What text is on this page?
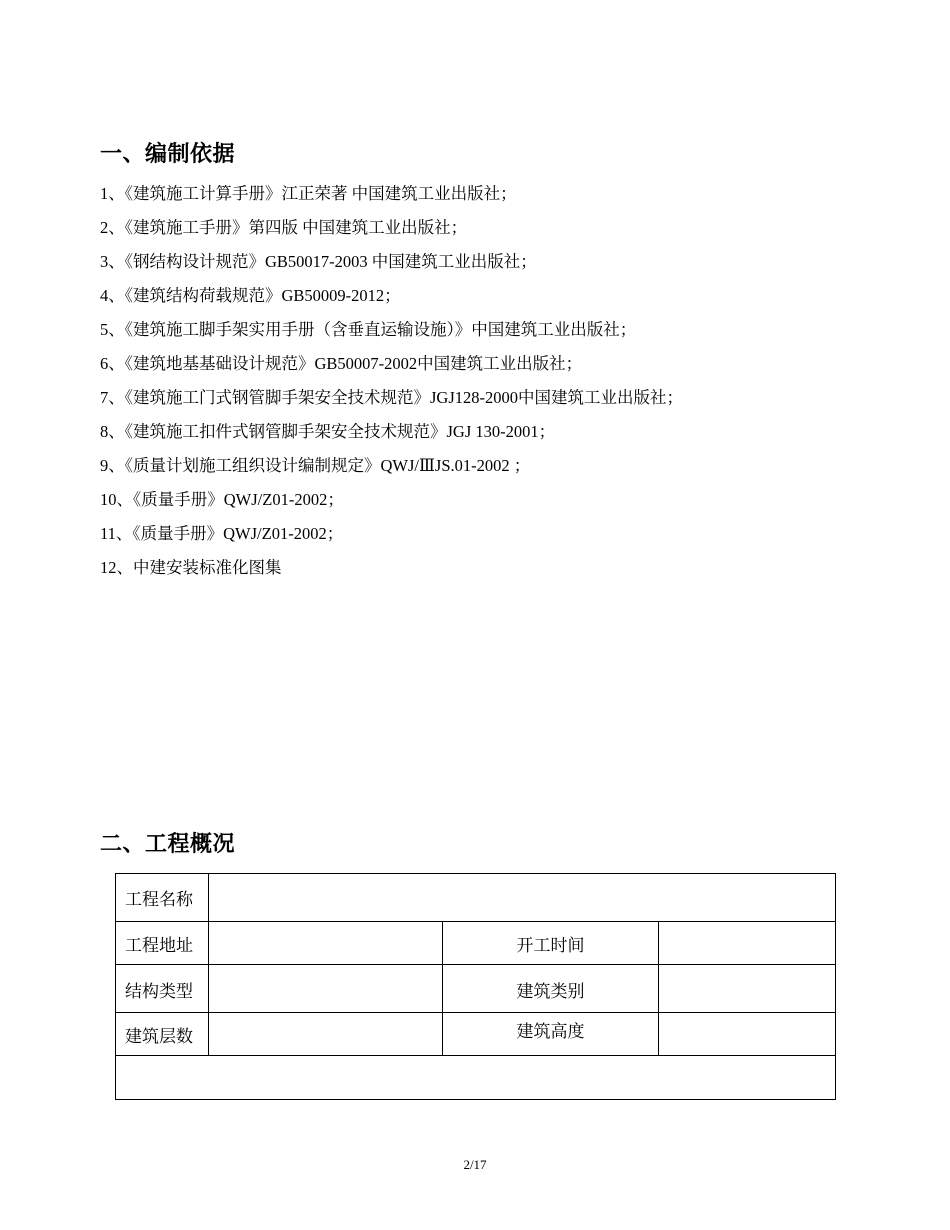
一、编制依据
1、《建筑施工计算手册》江正荣著 中国建筑工业出版社；
2、《建筑施工手册》第四版 中国建筑工业出版社；
3、《钢结构设计规范》GB50017-2003 中国建筑工业出版社；
4、《建筑结构荷载规范》GB50009-2012；
5、《建筑施工脚手架实用手册（含垂直运输设施）》中国建筑工业出版社；
6、《建筑地基基础设计规范》GB50007-2002中国建筑工业出版社；
7、《建筑施工门式钢管脚手架安全技术规范》JGJ128-2000中国建筑工业出版社；
8、《建筑施工扣件式钢管脚手架安全技术规范》JGJ 130-2001；
9、《质量计划施工组织设计编制规定》QWJ/ⅢJS.01-2002 ；
10、《质量手册》QWJ/Z01-2002；
11、《质量手册》QWJ/Z01-2002；
12、中建安装标准化图集
二、工程概况
工程名称			
工程地址		开工时间	
结构类型		建筑类别	
建筑层数		建筑高度	

2/17
